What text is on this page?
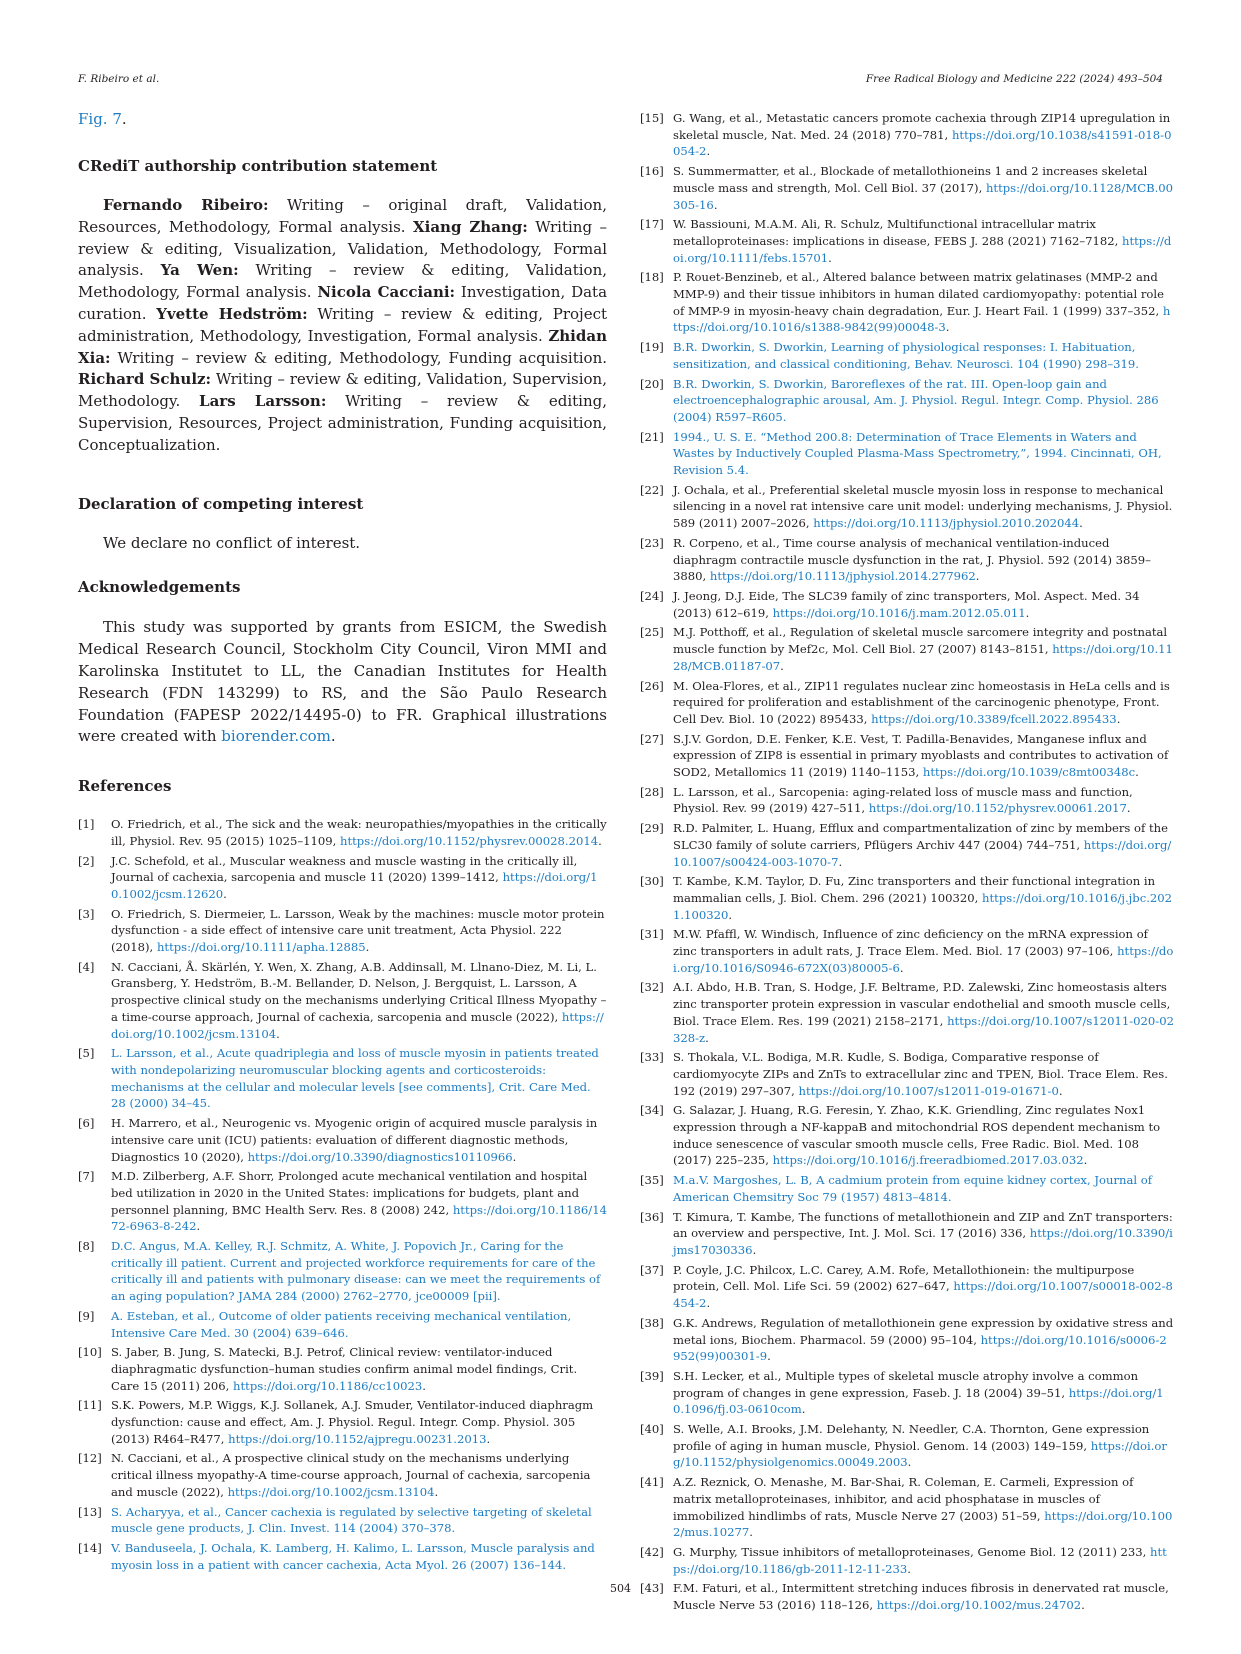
F. Ribeiro et al.	Free Radical Biology and Medicine 222 (2024) 493–504
Fig. 7.
CRediT authorship contribution statement

Fernando Ribeiro: Writing – original draft, Validation, Resources, Methodology, Formal analysis. Xiang Zhang: Writing – review & editing, Visualization, Validation, Methodology, Formal analysis. Ya Wen: Writing – review & editing, Validation, Methodology, Formal analysis. Nicola Cacciani: Investigation, Data curation. Yvette Hedström: Writing – review & editing, Project administration, Methodology, Investigation, Formal analysis. Zhidan Xia: Writing – review & editing, Methodology, Funding acquisition. Richard Schulz: Writing – review & editing, Validation, Supervision, Methodology. Lars Larsson: Writing – review & editing, Supervision, Resources, Project administration, Funding acquisition, Conceptualization.

Declaration of competing interest

We declare no conflict of interest.

Acknowledgements

This study was supported by grants from ESICM, the Swedish Medical Research Council, Stockholm City Council, Viron MMI and Karolinska Institutet to LL, the Canadian Institutes for Health Research (FDN 143299) to RS, and the São Paulo Research Foundation (FAPESP 2022/14495-0) to FR. Graphical illustrations were created with biorender.com.

References
[1]	O. Friedrich, et al., The sick and the weak: neuropathies/myopathies in the critically ill, Physiol. Rev. 95 (2015) 1025–1109, https://doi.org/10.1152/physrev.00028.2014.
[2]	J.C. Schefold, et al., Muscular weakness and muscle wasting in the critically ill, Journal of cachexia, sarcopenia and muscle 11 (2020) 1399–1412, https://doi.org/10.1002/jcsm.12620.
[3]	O. Friedrich, S. Diermeier, L. Larsson, Weak by the machines: muscle motor protein dysfunction - a side effect of intensive care unit treatment, Acta Physiol. 222 (2018), https://doi.org/10.1111/apha.12885.
[4]	N. Cacciani, Å. Skärlén, Y. Wen, X. Zhang, A.B. Addinsall, M. Llnano-Diez, M. Li, L. Gransberg, Y. Hedström, B.-M. Bellander, D. Nelson, J. Bergquist, L. Larsson, A prospective clinical study on the mechanisms underlying Critical Illness Myopathy – a time-course approach, Journal of cachexia, sarcopenia and muscle (2022), https://doi.org/10.1002/jcsm.13104.
[5]	L. Larsson, et al., Acute quadriplegia and loss of muscle myosin in patients treated with nondepolarizing neuromuscular blocking agents and corticosteroids: mechanisms at the cellular and molecular levels [see comments], Crit. Care Med. 28 (2000) 34–45.
[6]	H. Marrero, et al., Neurogenic vs. Myogenic origin of acquired muscle paralysis in intensive care unit (ICU) patients: evaluation of different diagnostic methods, Diagnostics 10 (2020), https://doi.org/10.3390/diagnostics10110966.
[7]	M.D. Zilberberg, A.F. Shorr, Prolonged acute mechanical ventilation and hospital bed utilization in 2020 in the United States: implications for budgets, plant and personnel planning, BMC Health Serv. Res. 8 (2008) 242, https://doi.org/10.1186/1472-6963-8-242.
[8]	D.C. Angus, M.A. Kelley, R.J. Schmitz, A. White, J. Popovich Jr., Caring for the critically ill patient. Current and projected workforce requirements for care of the critically ill and patients with pulmonary disease: can we meet the requirements of an aging population? JAMA 284 (2000) 2762–2770, jce00009 [pii].
[9]	A. Esteban, et al., Outcome of older patients receiving mechanical ventilation, Intensive Care Med. 30 (2004) 639–646.
[10] S. Jaber, B. Jung, S. Matecki, B.J. Petrof, Clinical review: ventilator-induced diaphragmatic dysfunction–human studies confirm animal model findings, Crit. Care 15 (2011) 206, https://doi.org/10.1186/cc10023.
[11] S.K. Powers, M.P. Wiggs, K.J. Sollanek, A.J. Smuder, Ventilator-induced diaphragm dysfunction: cause and effect, Am. J. Physiol. Regul. Integr. Comp. Physiol. 305 (2013) R464–R477, https://doi.org/10.1152/ajpregu.00231.2013.
[12] N. Cacciani, et al., A prospective clinical study on the mechanisms underlying critical illness myopathy-A time-course approach, Journal of cachexia, sarcopenia and muscle (2022), https://doi.org/10.1002/jcsm.13104.
[13] S. Acharyya, et al., Cancer cachexia is regulated by selective targeting of skeletal muscle gene products, J. Clin. Invest. 114 (2004) 370–378.
[14] V. Banduseela, J. Ochala, K. Lamberg, H. Kalimo, L. Larsson, Muscle paralysis and myosin loss in a patient with cancer cachexia, Acta Myol. 26 (2007) 136–144.
[15] G. Wang, et al., Metastatic cancers promote cachexia through ZIP14 upregulation in skeletal muscle, Nat. Med. 24 (2018) 770–781, https://doi.org/10.1038/s41591-018-0054-2.
[16] S. Summermatter, et al., Blockade of metallothioneins 1 and 2 increases skeletal muscle mass and strength, Mol. Cell Biol. 37 (2017), https://doi.org/10.1128/MCB.00305-16.
[17] W. Bassiouni, M.A.M. Ali, R. Schulz, Multifunctional intracellular matrix metalloproteinases: implications in disease, FEBS J. 288 (2021) 7162–7182, https://doi.org/10.1111/febs.15701.
[18] P. Rouet-Benzineb, et al., Altered balance between matrix gelatinases (MMP-2 and MMP-9) and their tissue inhibitors in human dilated cardiomyopathy: potential role of MMP-9 in myosin-heavy chain degradation, Eur. J. Heart Fail. 1 (1999) 337–352, https://doi.org/10.1016/s1388-9842(99)00048-3.
[19] B.R. Dworkin, S. Dworkin, Learning of physiological responses: I. Habituation, sensitization, and classical conditioning, Behav. Neurosci. 104 (1990) 298–319.
[20] B.R. Dworkin, S. Dworkin, Baroreflexes of the rat. III. Open-loop gain and electroencephalographic arousal, Am. J. Physiol. Regul. Integr. Comp. Physiol. 286 (2004) R597–R605.
[21] 1994., U. S. E. “Method 200.8: Determination of Trace Elements in Waters and Wastes by Inductively Coupled Plasma-Mass Spectrometry,”, 1994. Cincinnati, OH, Revision 5.4.
[22] J. Ochala, et al., Preferential skeletal muscle myosin loss in response to mechanical silencing in a novel rat intensive care unit model: underlying mechanisms, J. Physiol. 589 (2011) 2007–2026, https://doi.org/10.1113/jphysiol.2010.202044.
[23] R. Corpeno, et al., Time course analysis of mechanical ventilation-induced diaphragm contractile muscle dysfunction in the rat, J. Physiol. 592 (2014) 3859–3880, https://doi.org/10.1113/jphysiol.2014.277962.
[24] J. Jeong, D.J. Eide, The SLC39 family of zinc transporters, Mol. Aspect. Med. 34 (2013) 612–619, https://doi.org/10.1016/j.mam.2012.05.011.
[25] M.J. Potthoff, et al., Regulation of skeletal muscle sarcomere integrity and postnatal muscle function by Mef2c, Mol. Cell Biol. 27 (2007) 8143–8151, https://doi.org/10.1128/MCB.01187-07.
[26] M. Olea-Flores, et al., ZIP11 regulates nuclear zinc homeostasis in HeLa cells and is required for proliferation and establishment of the carcinogenic phenotype, Front. Cell Dev. Biol. 10 (2022) 895433, https://doi.org/10.3389/fcell.2022.895433.
[27] S.J.V. Gordon, D.E. Fenker, K.E. Vest, T. Padilla-Benavides, Manganese influx and expression of ZIP8 is essential in primary myoblasts and contributes to activation of SOD2, Metallomics 11 (2019) 1140–1153, https://doi.org/10.1039/c8mt00348c.
[28] L. Larsson, et al., Sarcopenia: aging-related loss of muscle mass and function, Physiol. Rev. 99 (2019) 427–511, https://doi.org/10.1152/physrev.00061.2017.
[29] R.D. Palmiter, L. Huang, Efflux and compartmentalization of zinc by members of the SLC30 family of solute carriers, Pflügers Archiv 447 (2004) 744–751, https://doi.org/10.1007/s00424-003-1070-7.
[30] T. Kambe, K.M. Taylor, D. Fu, Zinc transporters and their functional integration in mammalian cells, J. Biol. Chem. 296 (2021) 100320, https://doi.org/10.1016/j.jbc.2021.100320.
[31] M.W. Pfaffl, W. Windisch, Influence of zinc deficiency on the mRNA expression of zinc transporters in adult rats, J. Trace Elem. Med. Biol. 17 (2003) 97–106, https://doi.org/10.1016/S0946-672X(03)80005-6.
[32] A.I. Abdo, H.B. Tran, S. Hodge, J.F. Beltrame, P.D. Zalewski, Zinc homeostasis alters zinc transporter protein expression in vascular endothelial and smooth muscle cells, Biol. Trace Elem. Res. 199 (2021) 2158–2171, https://doi.org/10.1007/s12011-020-02328-z.
[33] S. Thokala, V.L. Bodiga, M.R. Kudle, S. Bodiga, Comparative response of cardiomyocyte ZIPs and ZnTs to extracellular zinc and TPEN, Biol. Trace Elem. Res. 192 (2019) 297–307, https://doi.org/10.1007/s12011-019-01671-0.
[34] G. Salazar, J. Huang, R.G. Feresin, Y. Zhao, K.K. Griendling, Zinc regulates Nox1 expression through a NF-kappaB and mitochondrial ROS dependent mechanism to induce senescence of vascular smooth muscle cells, Free Radic. Biol. Med. 108 (2017) 225–235, https://doi.org/10.1016/j.freeradbiomed.2017.03.032.
[35] M.a.V. Margoshes, L. B, A cadmium protein from equine kidney cortex, Journal of American Chemsitry Soc 79 (1957) 4813–4814.
[36] T. Kimura, T. Kambe, The functions of metallothionein and ZIP and ZnT transporters: an overview and perspective, Int. J. Mol. Sci. 17 (2016) 336, https://doi.org/10.3390/ijms17030336.
[37] P. Coyle, J.C. Philcox, L.C. Carey, A.M. Rofe, Metallothionein: the multipurpose protein, Cell. Mol. Life Sci. 59 (2002) 627–647, https://doi.org/10.1007/s00018-002-8454-2.
[38] G.K. Andrews, Regulation of metallothionein gene expression by oxidative stress and metal ions, Biochem. Pharmacol. 59 (2000) 95–104, https://doi.org/10.1016/s0006-2952(99)00301-9.
[39] S.H. Lecker, et al., Multiple types of skeletal muscle atrophy involve a common program of changes in gene expression, Faseb. J. 18 (2004) 39–51, https://doi.org/10.1096/fj.03-0610com.
[40] S. Welle, A.I. Brooks, J.M. Delehanty, N. Needler, C.A. Thornton, Gene expression profile of aging in human muscle, Physiol. Genom. 14 (2003) 149–159, https://doi.org/10.1152/physiolgenomics.00049.2003.
[41] A.Z. Reznick, O. Menashe, M. Bar-Shai, R. Coleman, E. Carmeli, Expression of matrix metalloproteinases, inhibitor, and acid phosphatase in muscles of immobilized hindlimbs of rats, Muscle Nerve 27 (2003) 51–59, https://doi.org/10.1002/mus.10277.
[42] G. Murphy, Tissue inhibitors of metalloproteinases, Genome Biol. 12 (2011) 233, https://doi.org/10.1186/gb-2011-12-11-233.
[43] F.M. Faturi, et al., Intermittent stretching induces fibrosis in denervated rat muscle, Muscle Nerve 53 (2016) 118–126, https://doi.org/10.1002/mus.24702.
504
